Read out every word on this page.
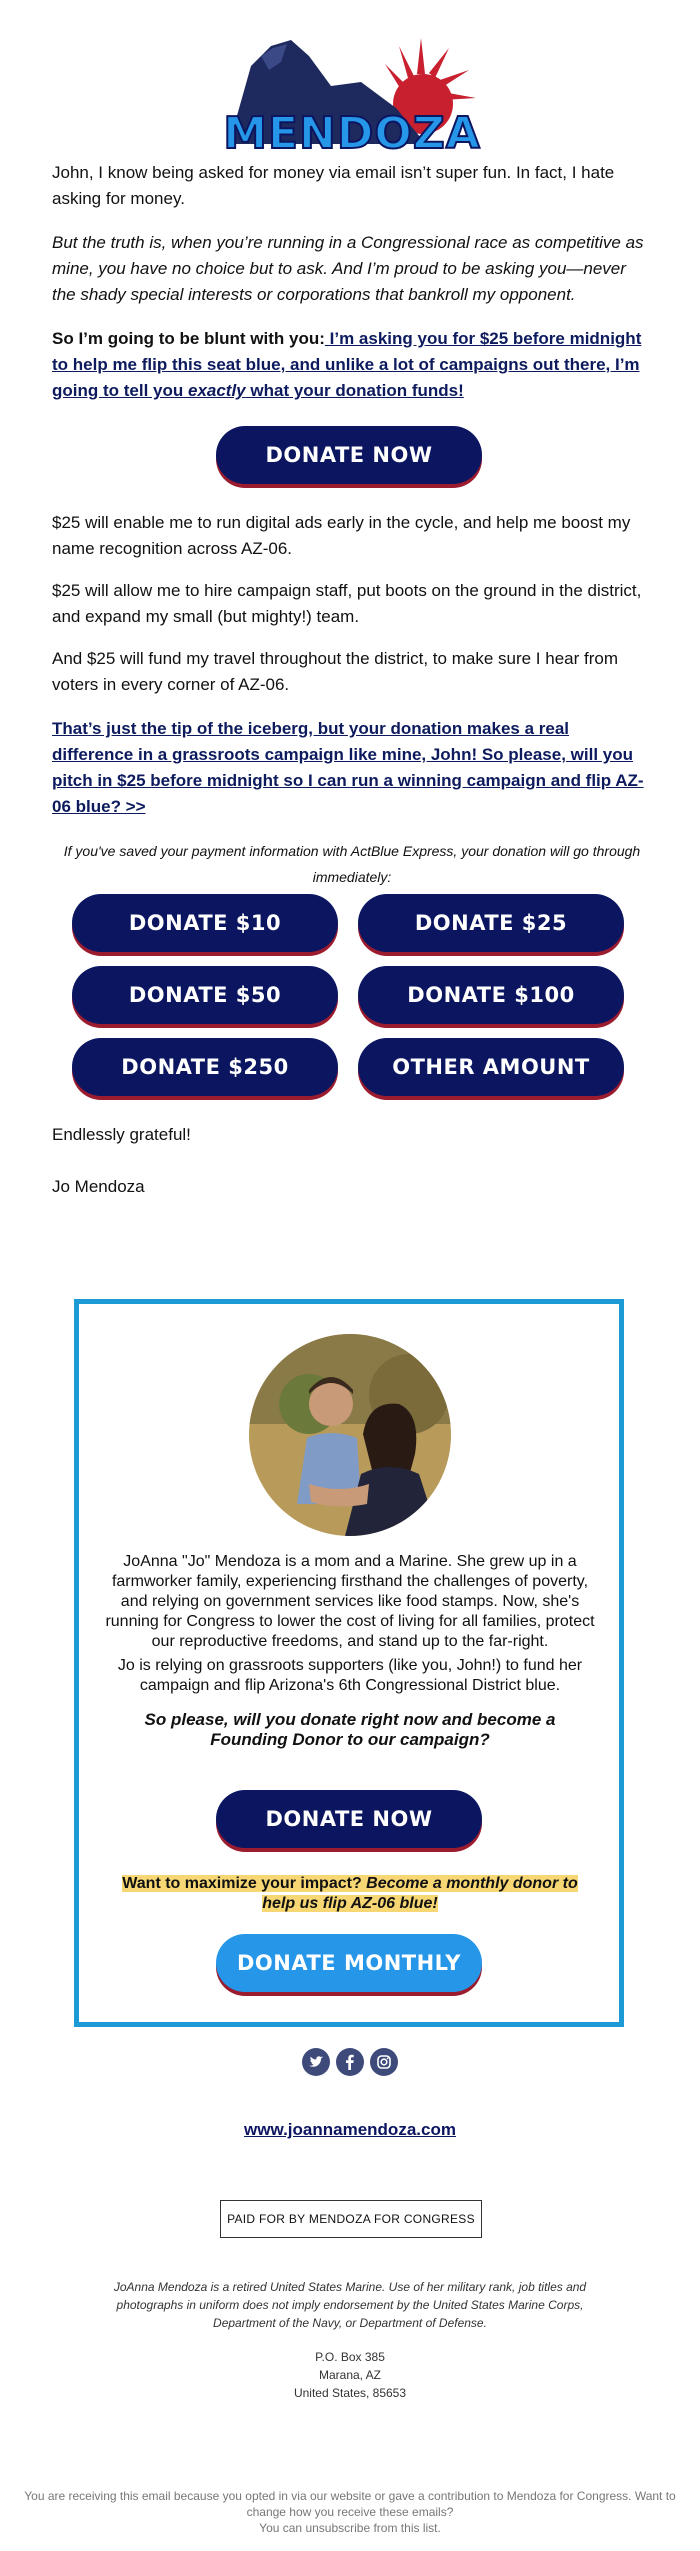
MENDOZA

John, I know being asked for money via email isn’t super fun. In fact, I hate asking for money.

But the truth is, when you’re running in a Congressional race as competitive as mine, you have no choice but to ask. And I’m proud to be asking you—never the shady special interests or corporations that bankroll my opponent.

So I’m going to be blunt with you: I’m asking you for $25 before midnight to help me flip this seat blue, and unlike a lot of campaigns out there, I’m going to tell you exactly what your donation funds!

DONATE NOW

$25 will enable me to run digital ads early in the cycle, and help me boost my name recognition across AZ-06.

$25 will allow me to hire campaign staff, put boots on the ground in the district, and expand my small (but mighty!) team.

And $25 will fund my travel throughout the district, to make sure I hear from voters in every corner of AZ-06.

That’s just the tip of the iceberg, but your donation makes a real difference in a grassroots campaign like mine, John! So please, will you pitch in $25 before midnight so I can run a winning campaign and flip AZ-06 blue? >>

If you've saved your payment information with ActBlue Express, your donation will go through immediately:
DONATE $10	DONATE $25
DONATE $50	DONATE $100
DONATE $250	OTHER AMOUNT

Endlessly grateful!

Jo Mendoza

JoAnna "Jo" Mendoza is a mom and a Marine. She grew up in a farmworker family, experiencing firsthand the challenges of poverty, and relying on government services like food stamps. Now, she's running for Congress to lower the cost of living for all families, protect our reproductive freedoms, and stand up to the far-right.

Jo is relying on grassroots supporters (like you, John!) to fund her campaign and flip Arizona's 6th Congressional District blue.

So please, will you donate right now and become a Founding Donor to our campaign?

DONATE NOW

Want to maximize your impact? Become a monthly donor to help us flip AZ-06 blue!

DONATE MONTHLY
www.joannamendoza.com
PAID FOR BY MENDOZA FOR CONGRESS
JoAnna Mendoza is a retired United States Marine. Use of her military rank, job titles and photographs in uniform does not imply endorsement by the United States Marine Corps, Department of the Navy, or Department of Defense.
P.O. Box 385
Marana, AZ
United States, 85653
You are receiving this email because you opted in via our website or gave a contribution to Mendoza for Congress. Want to change how you receive these emails?
You can unsubscribe from this list.
